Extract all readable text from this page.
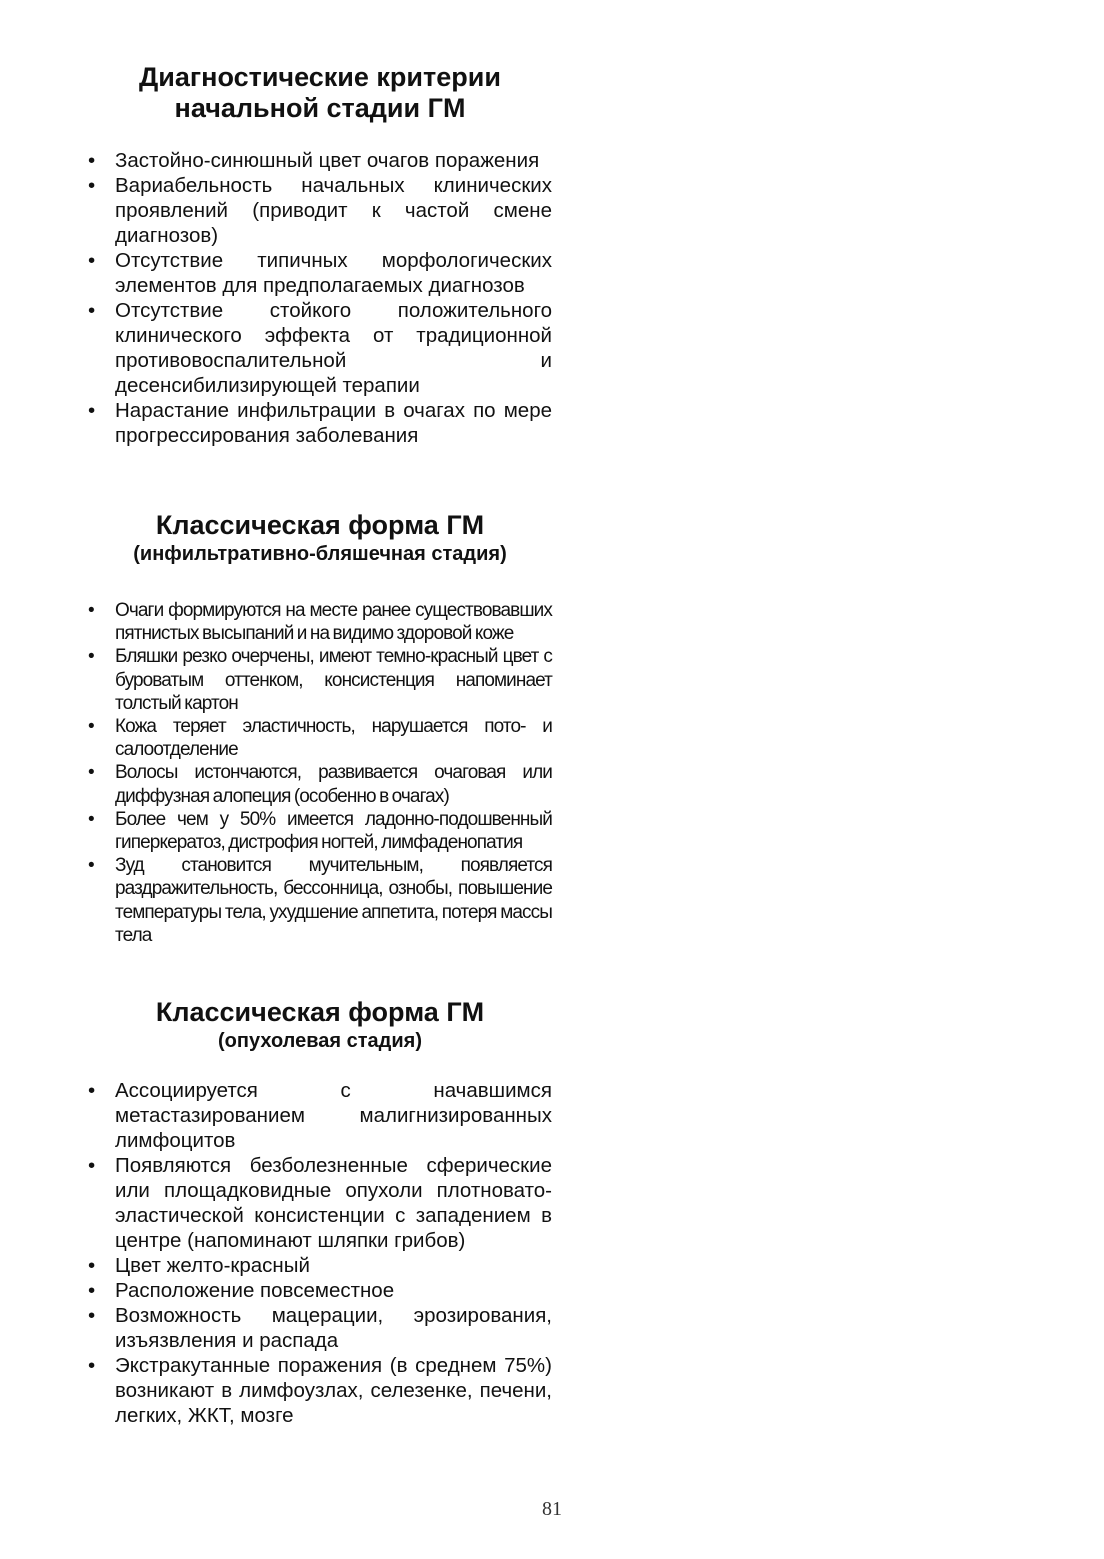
Диагностические критерии
начальной стадии ГМ
• Застойно-синюшный цвет очагов поражения
• Вариабельность начальных клинических проявлений (приводит к частой смене диагнозов)
• Отсутствие типичных морфологических элементов для предполагаемых диагнозов
• Отсутствие стойкого положительного клинического эффекта от традиционной противовоспалительной и десенсибилизирующей терапии
• Нарастание инфильтрации в очагах по мере прогрессирования заболевания
Классическая форма ГМ
(инфильтративно-бляшечная стадия)
• Очаги формируются на месте ранее существовавших пятнистых высыпаний и на видимо здоровой коже
• Бляшки резко очерчены, имеют темно-красный цвет с буроватым оттенком, консистенция напоминает толстый картон
• Кожа теряет эластичность, нарушается пото- и салоотделение
• Волосы истончаются, развивается очаговая или диффузная алопеция (особенно в очагах)
• Более чем у 50% имеется ладонно-подошвенный гиперкератоз, дистрофия ногтей, лимфаденопатия
• Зуд становится мучительным, появляется раздражительность, бессонница, ознобы, повышение температуры тела, ухудшение аппетита, потеря массы тела
Классическая форма ГМ
(опухолевая стадия)
• Ассоциируется с начавшимся метастазированием малигнизированных лимфоцитов
• Появляются безболезненные сферические или площадковидные опухоли плотновато-эластической консистенции с западением в центре (напоминают шляпки грибов)
• Цвет желто-красный
• Расположение повсеместное
• Возможность мацерации, эрозирования, изъязвления и распада
• Экстракутанные поражения (в среднем 75%) возникают в лимфоузлах, селезенке, печени, легких, ЖКТ, мозге
81
